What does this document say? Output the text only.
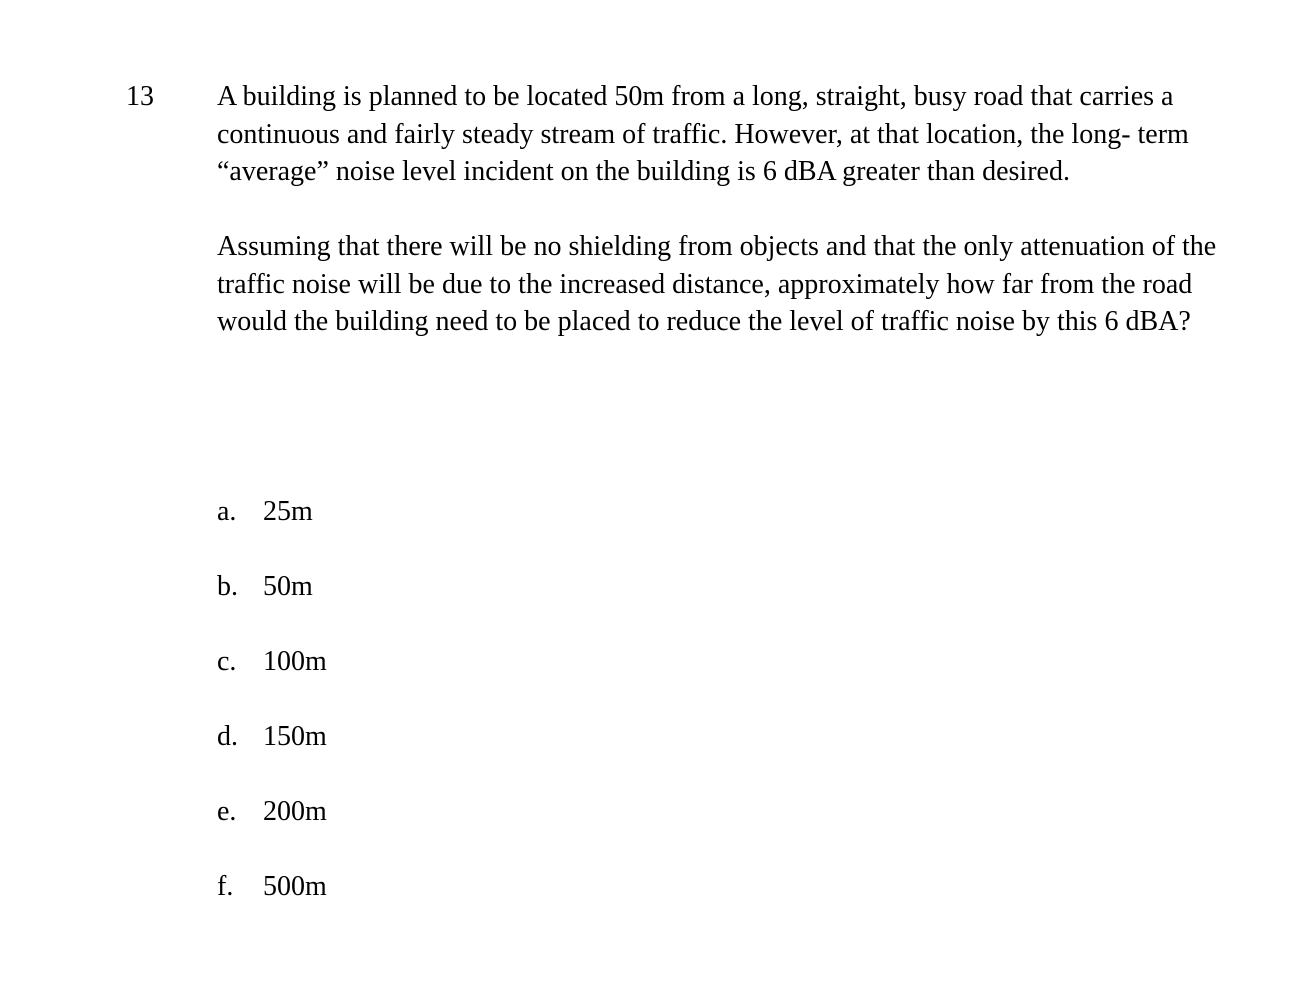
13 A building is planned to be located 50m from a long, straight, busy road that carries a continuous and fairly steady stream of traffic. However, at that location, the long- term “average” noise level incident on the building is 6 dBA greater than desired.

Assuming that there will be no shielding from objects and that the only attenuation of the traffic noise will be due to the increased distance, approximately how far from the road would the building need to be placed to reduce the level of traffic noise by this 6 dBA?

a. 25m
b. 50m
c. 100m
d. 150m
e. 200m
f.	500m
